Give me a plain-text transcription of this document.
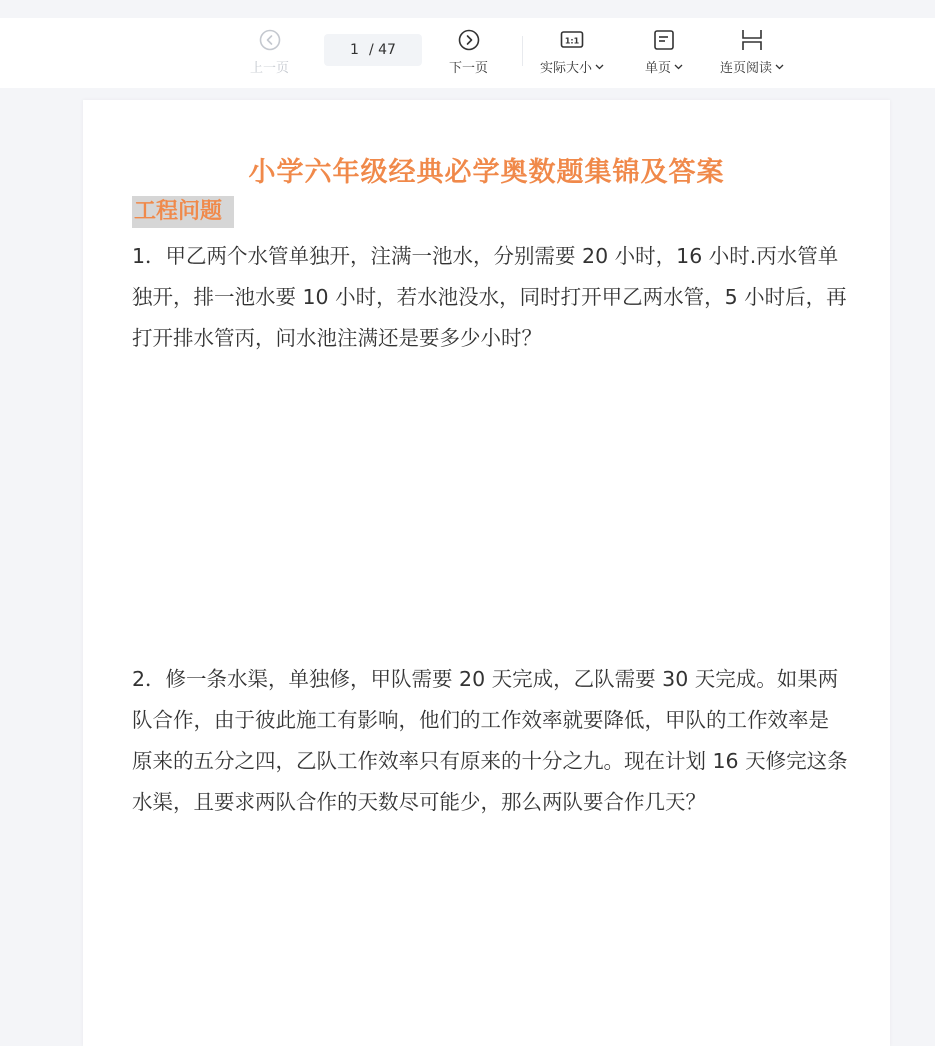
上一页
1 / 47
下一页
1:1
实际大小	单页	连页阅读
小学六年级经典必学奥数题集锦及答案
工程问题
1．甲乙两个水管单独开，注满一池水，分别需要 20 小时，16 小时.丙水管单独开，排一池水要 10 小时，若水池没水，同时打开甲乙两水管，5 小时后，再打开排水管丙，问水池注满还是要多少小时？
2．修一条水渠，单独修，甲队需要 20 天完成，乙队需要 30 天完成。如果两队合作，由于彼此施工有影响，他们的工作效率就要降低，甲队的工作效率是原来的五分之四，乙队工作效率只有原来的十分之九。现在计划 16 天修完这条水渠，且要求两队合作的天数尽可能少，那么两队要合作几天？
